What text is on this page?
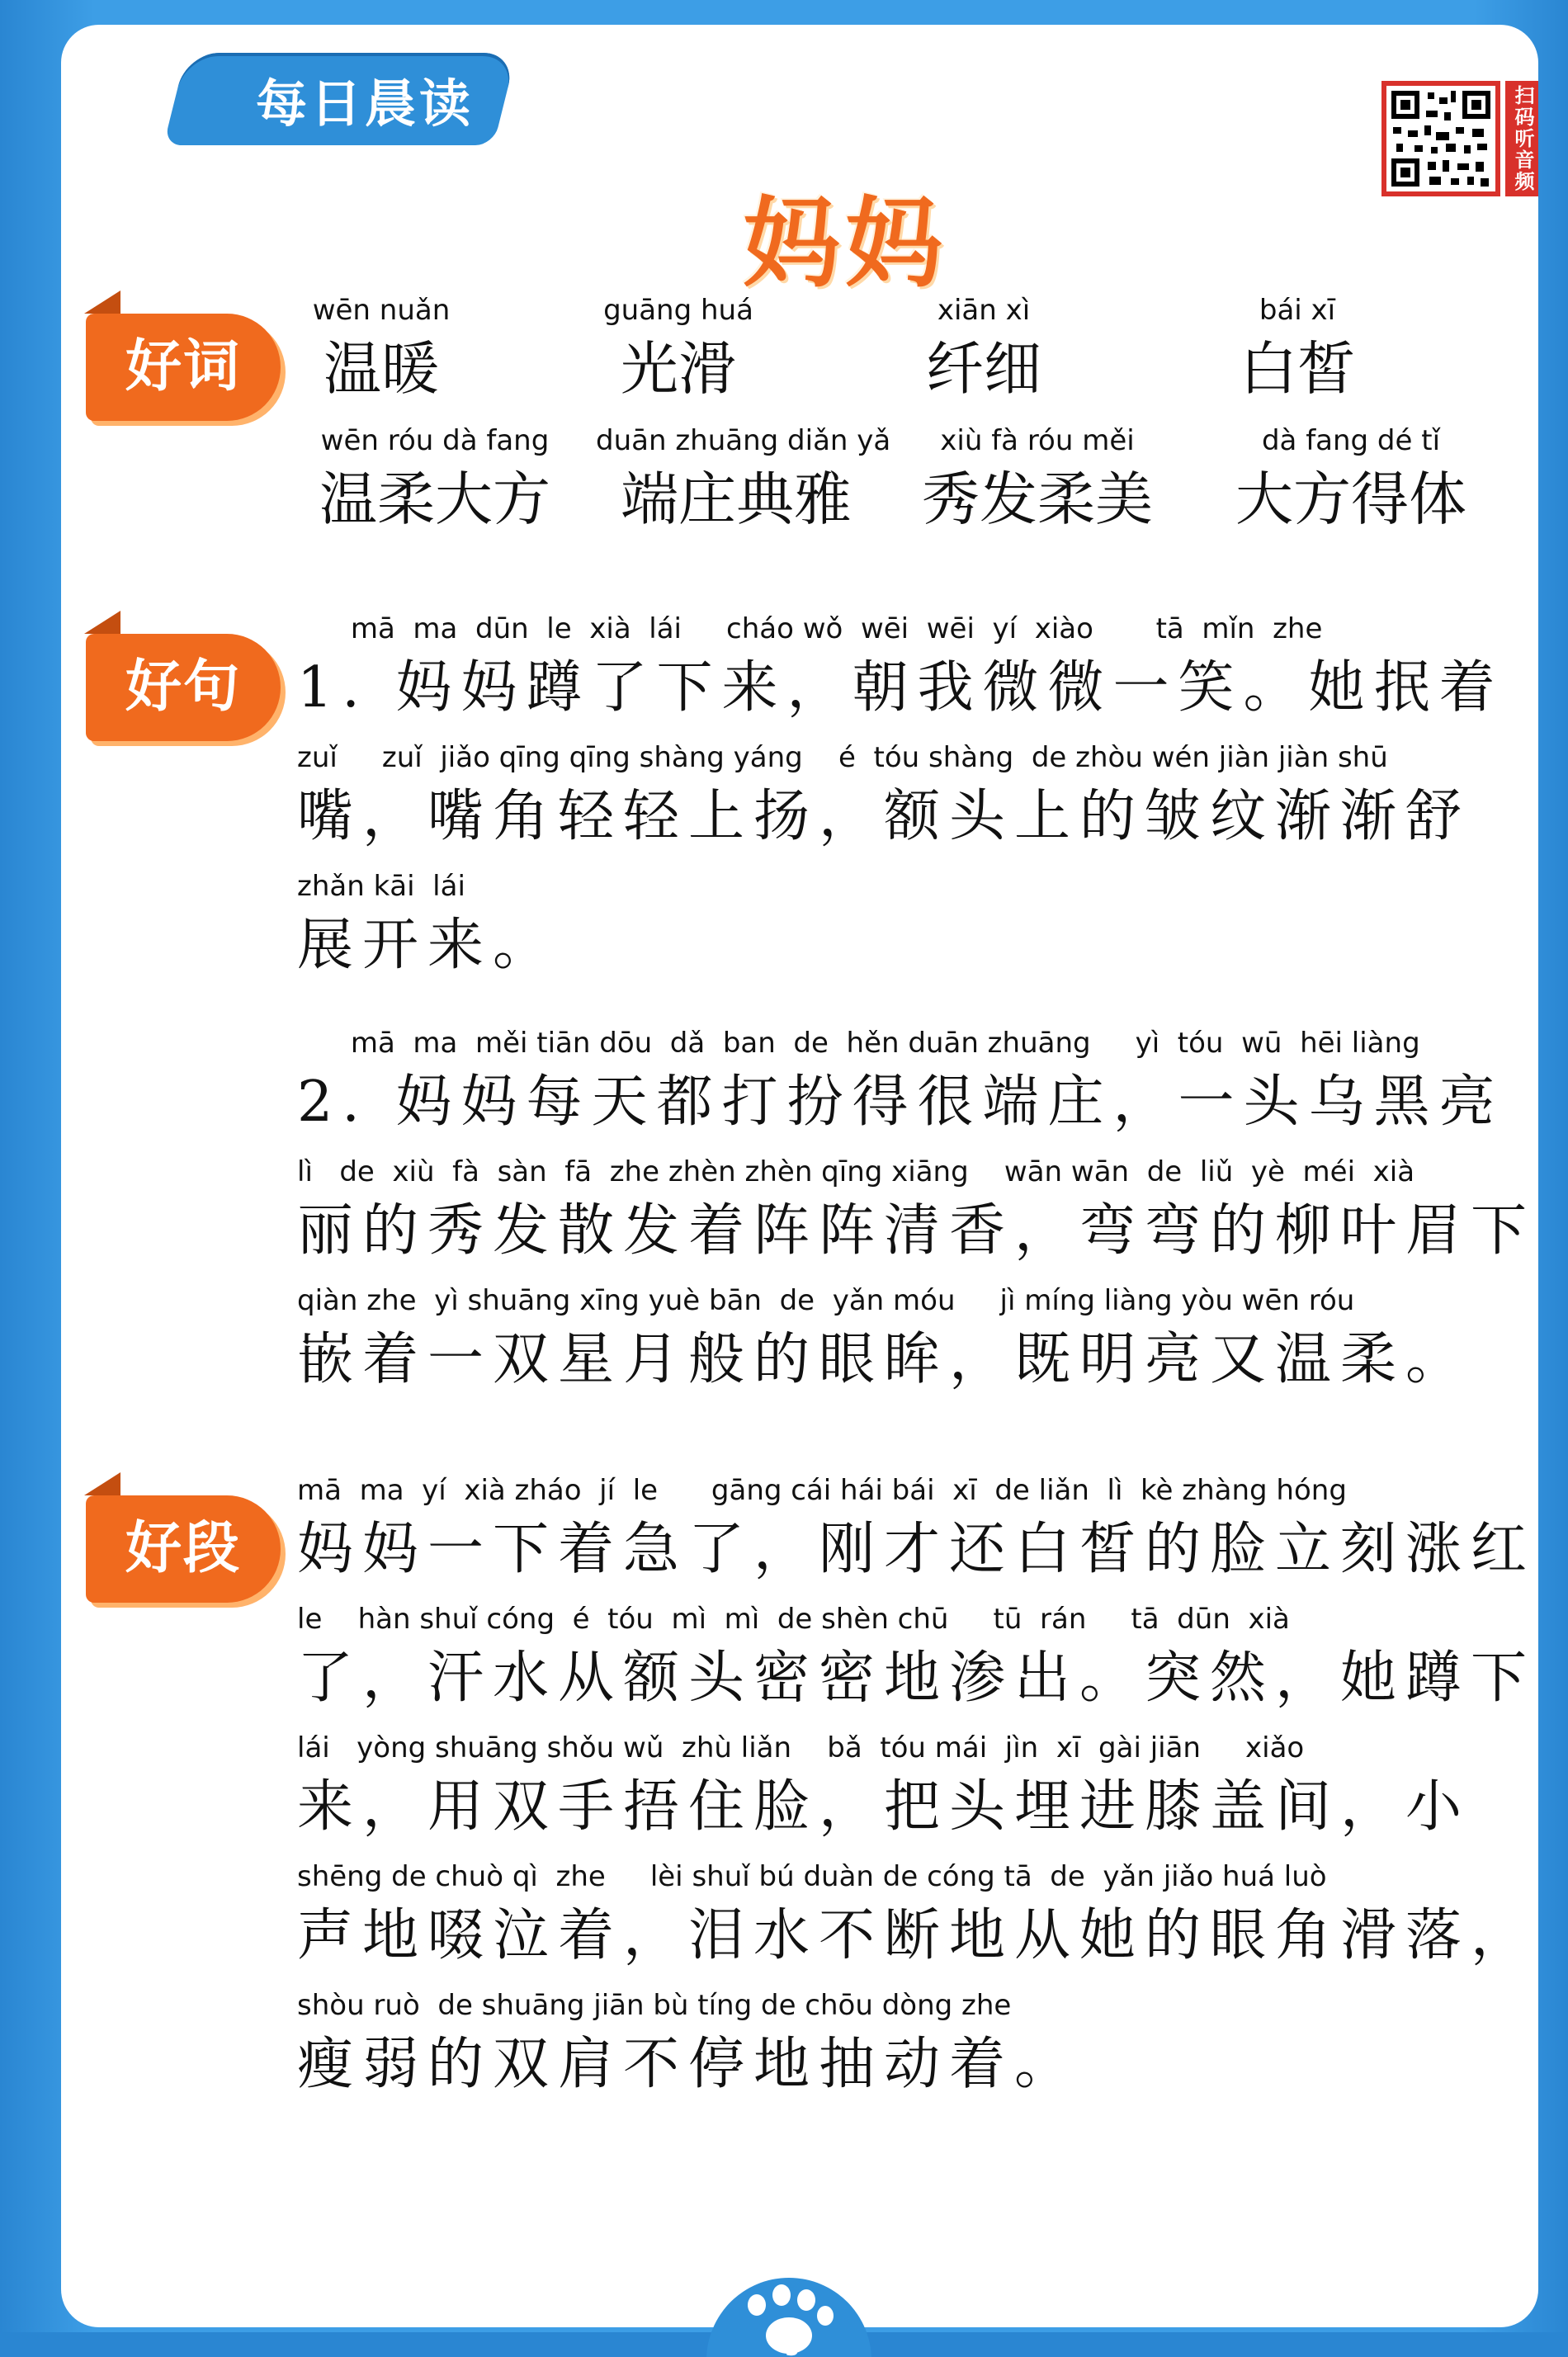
每日晨读	扫码听音频
妈妈
好词
wēn nuǎn
温暖
guāng huá
光滑
xiān xì
纤细
bái xī
白皙
wēn róu dà fang
温柔大方
duān zhuāng diǎn yǎ
端庄典雅
xiù fà róu měi
秀发柔美
dà fang dé tǐ
大方得体
好句
mā  ma  dūn  le  xià  lái     cháo wǒ  wēi  wēi  yí  xiào       tā  mǐn  zhe
1. 妈妈蹲了下来，朝我微微一笑。她抿着
zuǐ     zuǐ  jiǎo qīng qīng shàng yáng    é  tóu shàng  de zhòu wén jiàn jiàn shū
嘴，嘴角轻轻上扬，额头上的皱纹渐渐舒
zhǎn kāi  lái
展开来。
mā  ma  měi tiān dōu  dǎ  ban  de  hěn duān zhuāng     yì  tóu  wū  hēi liàng
2. 妈妈每天都打扮得很端庄，一头乌黑亮
lì   de  xiù  fà  sàn  fā  zhe zhèn zhèn qīng xiāng    wān wān  de  liǔ  yè  méi  xià
丽的秀发散发着阵阵清香，弯弯的柳叶眉下
qiàn zhe  yì shuāng xīng yuè bān  de  yǎn móu     jì míng liàng yòu wēn róu
嵌着一双星月般的眼眸，既明亮又温柔。
好段
mā  ma  yí  xià zháo  jí  le      gāng cái hái bái  xī  de liǎn  lì  kè zhàng hóng
妈妈一下着急了，刚才还白皙的脸立刻涨红
le    hàn shuǐ cóng  é  tóu  mì  mì  de shèn chū     tū  rán     tā  dūn  xià
了，汗水从额头密密地渗出。突然，她蹲下
lái   yòng shuāng shǒu wǔ  zhù liǎn    bǎ  tóu mái  jìn  xī  gài jiān     xiǎo
来，用双手捂住脸，把头埋进膝盖间，小
shēng de chuò qì  zhe     lèi shuǐ bú duàn de cóng tā  de  yǎn jiǎo huá luò
声地啜泣着，泪水不断地从她的眼角滑落，
shòu ruò  de shuāng jiān bù tíng de chōu dòng zhe
瘦弱的双肩不停地抽动着。
3
